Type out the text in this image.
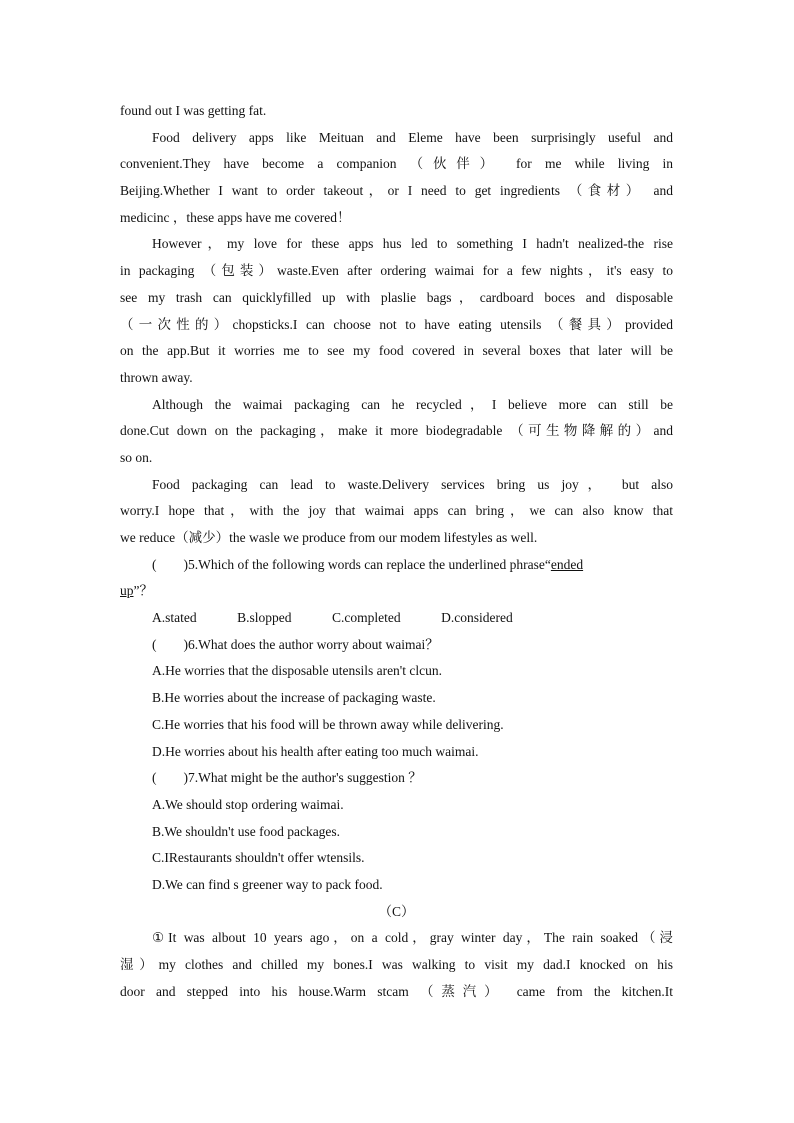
found out I was getting fat.
Food delivery apps like Meituan and Eleme have been surprisingly useful and
convenient.They have become a companion （伙伴） for me while living in
Beijing.Whether I want to order takeout，or I need to get ingredients （食材） and
medicinc ，these apps have me covered！
However，my love for these apps hus led to something I hadn't nealized-the rise
in packaging （包装）waste.Even after ordering waimai for a few nights，it's easy to
see my trash can quicklyfilled up with plaslie bags，cardboard boces and disposable
（一次性的）chopsticks.I can choose not to have eating utensils （餐具）provided
on the app.But it worries me to see my food covered in several boxes that later will be
thrown away.
Although the waimai packaging can he recycled，I believe more can still be
done.Cut down on the packaging，make it more biodegradable （可生物降解的）and
so on.
Food packaging can lead to waste.Delivery services bring us joy， but also
worry.I hope that，with the joy that waimai apps can bring，we can also know that
we reduce（减少）the wasle we produce from our modem lifestyles as well.
(　　)5.Which of the following words can replace the underlined phrase“ended
up”？
A.stated　　　B.slopped　　　C.completed　　　D.considered
(　　)6.What does the author worry about waimai？
A.He worries that the disposable utensils aren't clcun.
B.He worries about the increase of packaging waste.
C.He worries that his food will be thrown away while delivering.
D.He worries about his health after eating too much waimai.
(　　)7.What might be the author's suggestion ？
A.We should stop ordering waimai.
B.We shouldn't use food packages.
C.IRestaurants shouldn't offer wtensils.
D.We can find s greener way to pack food.
（C）
①It was albout 10 years ago，on a cold，gray winter day，The rain soaked（浸
湿）my clothes and chilled my bones.I was walking to visit my dad.I knocked on his
door and stepped into his house.Warm stcam （蒸汽） came from the kitchen.It
